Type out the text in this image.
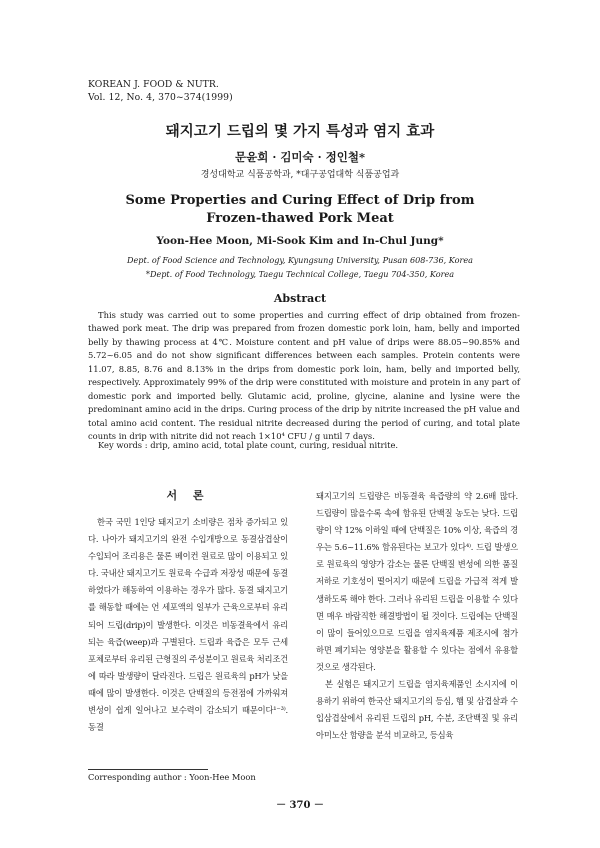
KOREAN J. FOOD & NUTR.
Vol. 12, No. 4, 370~374(1999)
돼지고기 드립의 몇 가지 특성과 염지 효과
문윤희 · 김미숙 · 정인철*
경성대학교 식품공학과, *대구공업대학 식품공업과
Some Properties and Curing Effect of Drip from
Frozen-thawed Pork Meat
Yoon-Hee Moon, Mi-Sook Kim and In-Chul Jung*
Dept. of Food Science and Technology, Kyungsung University, Pusan 608-736, Korea
*Dept. of Food Technology, Taegu Technical College, Taegu 704-350, Korea
Abstract
This study was carried out to some properties and curring effect of drip obtained from frozen-thawed pork meat. The drip was prepared from frozen domestic pork loin, ham, belly and imported belly by thawing process at 4℃. Moisture content and pH value of drips were 88.05~90.85% and 5.72~6.05 and do not show significant differences between each samples. Protein contents were 11.07, 8.85, 8.76 and 8.13% in the drips from domestic pork loin, ham, belly and imported belly, respectively. Approximately 99% of the drip were constituted with moisture and protein in any part of domestic pork and imported belly. Glutamic acid, proline, glycine, alanine and lysine were the predominant amino acid in the drips. Curing process of the drip by nitrite increased the pH value and total amino acid content. The residual nitrite decreased during the period of curing, and total plate counts in drip with nitrite did not reach 1×10⁴ CFU / g until 7 days.
Key words : drip, amino acid, total plate count, curing, residual nitrite.
서 론
한국 국민 1인당 돼지고기 소비량은 점차 증가되고 있다. 나아가 돼지고기의 완전 수입개방으로 동결삼겹살이 수입되어 조리용은 물론 베이컨 원료로 많이 이용되고 있다. 국내산 돼지고기도 원료육 수급과 저장성 때문에 동결하였다가 해동하여 이용하는 경우가 많다. 동결 돼지고기를 해동할 때에는 언 세포액의 일부가 근육으로부터 유리되어 드립(drip)이 발생한다. 이것은 비동결육에서 유리되는 육즙(weep)과 구별된다. 드립과 육즙은 모두 근세포체로부터 유리된 근형질의 주성분이고 원료육 처리조건에 따라 발생량이 달라진다. 드립은 원료육의 pH가 낮을 때에 많이 발생한다. 이것은 단백질의 등전점에 가까워져 변성이 쉽게 일어나고 보수력이 감소되기 때문이다¹⁻³⁾. 동결

돼지고기의 드립량은 비동결육 육즙량의 약 2.6배 많다. 드립량이 많을수록 속에 함유된 단백질 농도는 낮다. 드립량이 약 12% 이하일 때에 단백질은 10% 이상, 육즙의 경우는 5.6~11.6% 함유된다는 보고가 있다⁴⁾. 드립 발생으로 원료육의 영양가 감소는 물론 단백질 변성에 의한 품질 저하로 기호성이 떨어지기 때문에 드립을 가급적 적게 발생하도록 해야 한다. 그러나 유리된 드립을 이용할 수 있다면 매우 바람직한 해결방법이 될 것이다. 드립에는 단백질이 많이 들어있으므로 드립을 염지육제품 제조시에 첨가하면 폐기되는 영양분을 활용할 수 있다는 점에서 유용할 것으로 생각된다.

본 실험은 돼지고기 드립을 염지육제품인 소시지에 이용하기 위하여 한국산 돼지고기의 등심, 햄 및 삼겹살과 수입삼겹살에서 유리된 드립의 pH, 수분, 조단백질 및 유리아미노산 함량을 분석 비교하고, 등심육

Corresponding author : Yoon-Hee Moon
－ 370 －
